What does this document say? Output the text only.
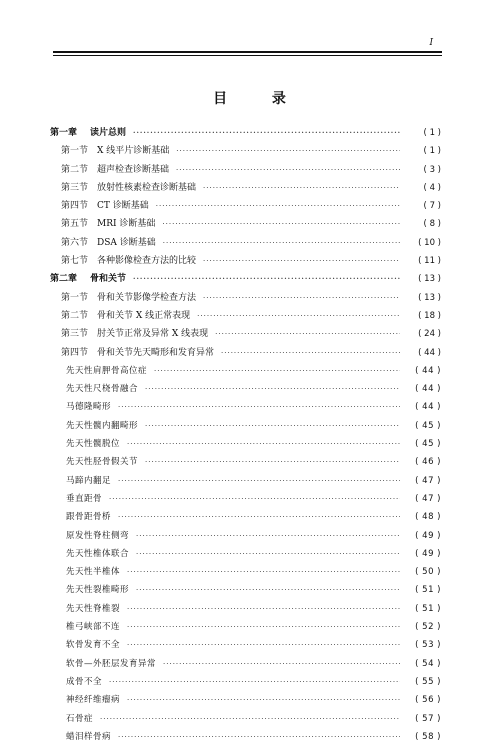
I
目 录
第一章	读片总则 ·····	( 1 )
第一节 X 线平片诊断基础 ·····	( 1 )
第二节 超声检查诊断基础 ·····	( 3 )
第三节 放射性核素检查诊断基础 ·····	( 4 )
第四节 CT 诊断基础 ·····	( 7 )
第五节 MRI 诊断基础 ·····	( 8 )
第六节 DSA 诊断基础 ·····	( 10 )
第七节 各种影像检查方法的比较 ·····	( 11 )
第二章	骨和关节 ·····	( 13 )
第一节 骨和关节影像学检查方法 ·····	( 13 )
第二节 骨和关节 X 线正常表现 ·····	( 18 )
第三节 肘关节正常及异常 X 线表现 ·····	( 24 )
第四节 骨和关节先天畸形和发育异常 ·····	( 44 )
先天性肩胛骨高位症 ·····	( 44 )
先天性尺桡骨融合 ·····	( 44 )
马德隆畸形 ·····	( 44 )
先天性髋内翻畸形 ·····	( 45 )
先天性髋脱位 ·····	( 45 )
先天性胫骨假关节 ·····	( 46 )
马蹄内翻足 ·····	( 47 )
垂直距骨 ·····	( 47 )
跟骨距骨桥 ·····	( 48 )
原发性脊柱侧弯 ·····	( 49 )
先天性椎体联合 ·····	( 49 )
先天性半椎体 ·····	( 50 )
先天性裂椎畸形 ·····	( 51 )
先天性脊椎裂 ·····	( 51 )
椎弓峡部不连 ·····	( 52 )
软骨发育不全 ·····	( 53 )
软骨—外胚层发育异常 ·····	( 54 )
成骨不全 ·····	( 55 )
神经纤维瘤病 ·····	( 56 )
石骨症 ·····	( 57 )
蜡泪样骨病 ·····	( 58 )
